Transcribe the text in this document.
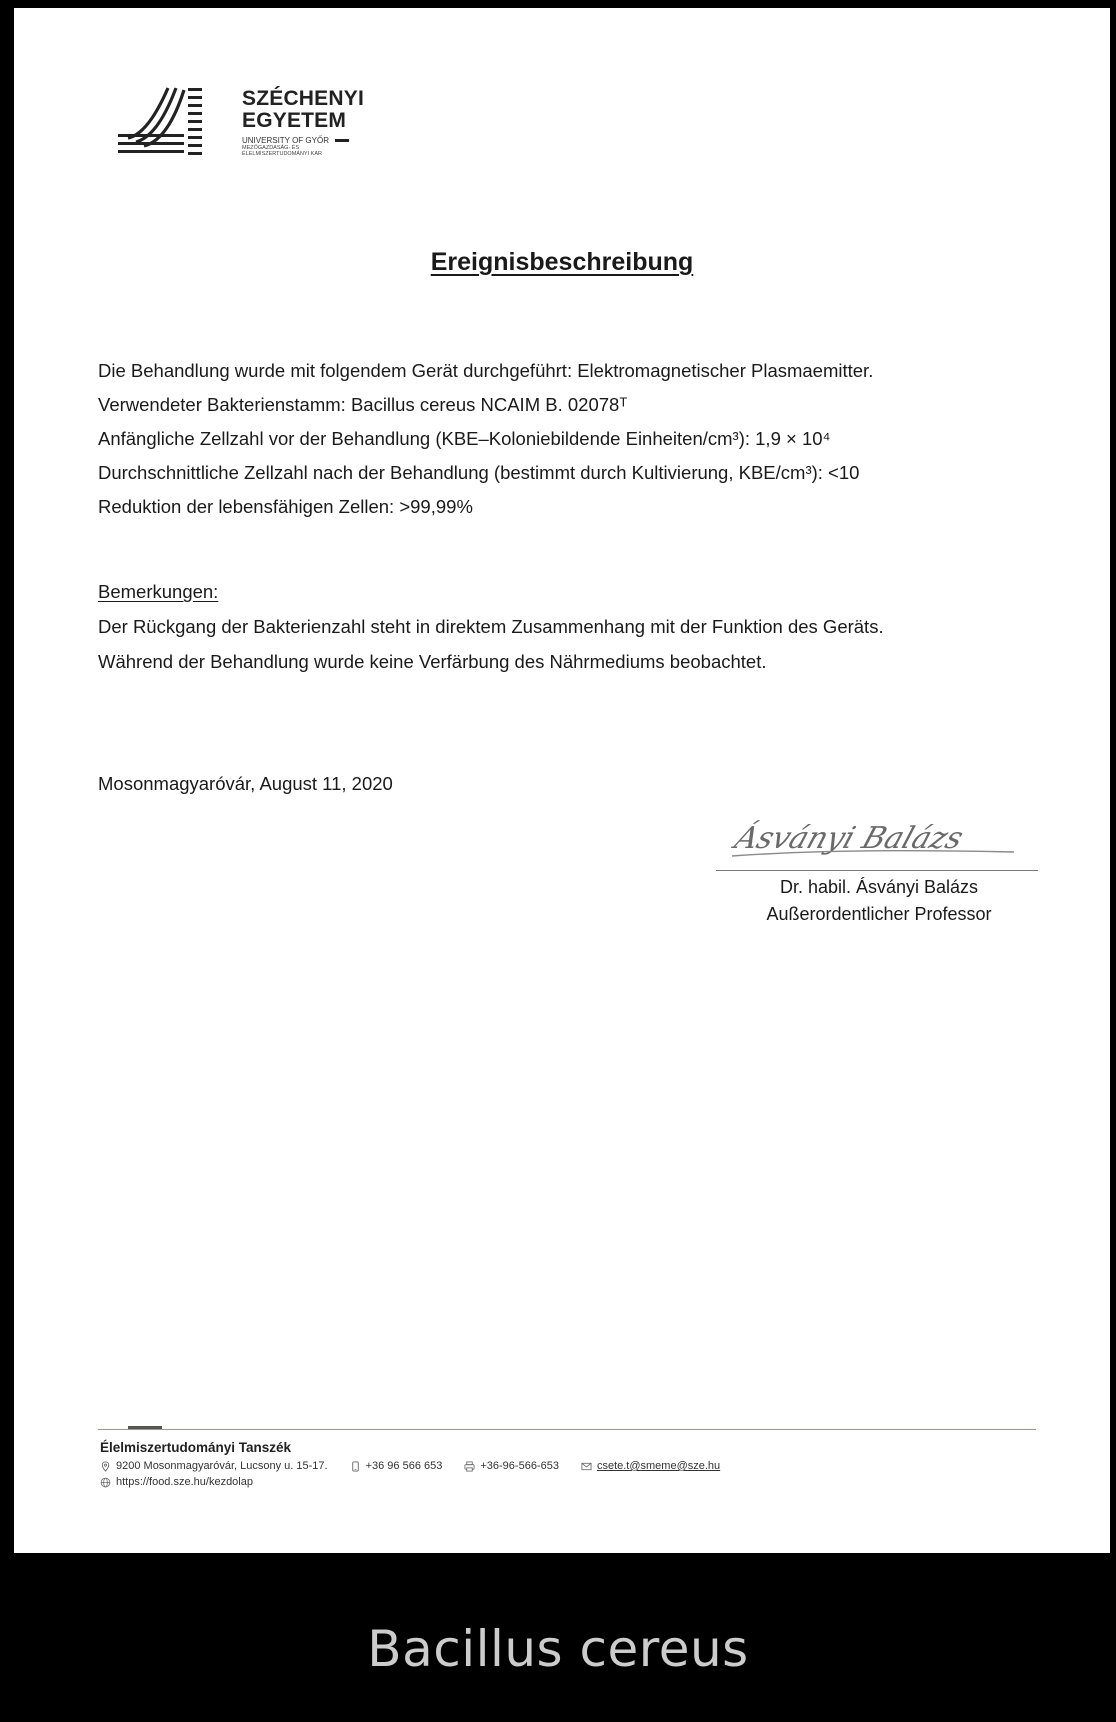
SZÉCHENYI
EGYETEM
UNIVERSITY OF GYŐR
MEZŐGAZDASÁG- ÉS ÉLELMISZERTUDOMÁNYI KAR
Ereignisbeschreibung

Die Behandlung wurde mit folgendem Gerät durchgeführt: Elektromagnetischer Plasmaemitter.

Verwendeter Bakterienstamm: Bacillus cereus NCAIM B. 02078ᵀ

Anfängliche Zellzahl vor der Behandlung (KBE–Koloniebildende Einheiten/cm³): 1,9 × 10⁴

Durchschnittliche Zellzahl nach der Behandlung (bestimmt durch Kultivierung, KBE/cm³): <10

Reduktion der lebensfähigen Zellen: >99,99%

Bemerkungen:

Der Rückgang der Bakterienzahl steht in direktem Zusammenhang mit der Funktion des Geräts.

Während der Behandlung wurde keine Verfärbung des Nährmediums beobachtet.

Mosonmagyaróvár, August 11, 2020
Ásványi Balázs
Dr. habil. Ásványi Balázs
Außerordentlicher Professor
Élelmiszertudományi Tanszék
9200 Mosonmagyaróvár, Lucsony u. 15-17.	+36 96 566 653	+36-96-566-653	csete.t@smeme@sze.hu
https://food.sze.hu/kezdolap
Bacillus cereus
